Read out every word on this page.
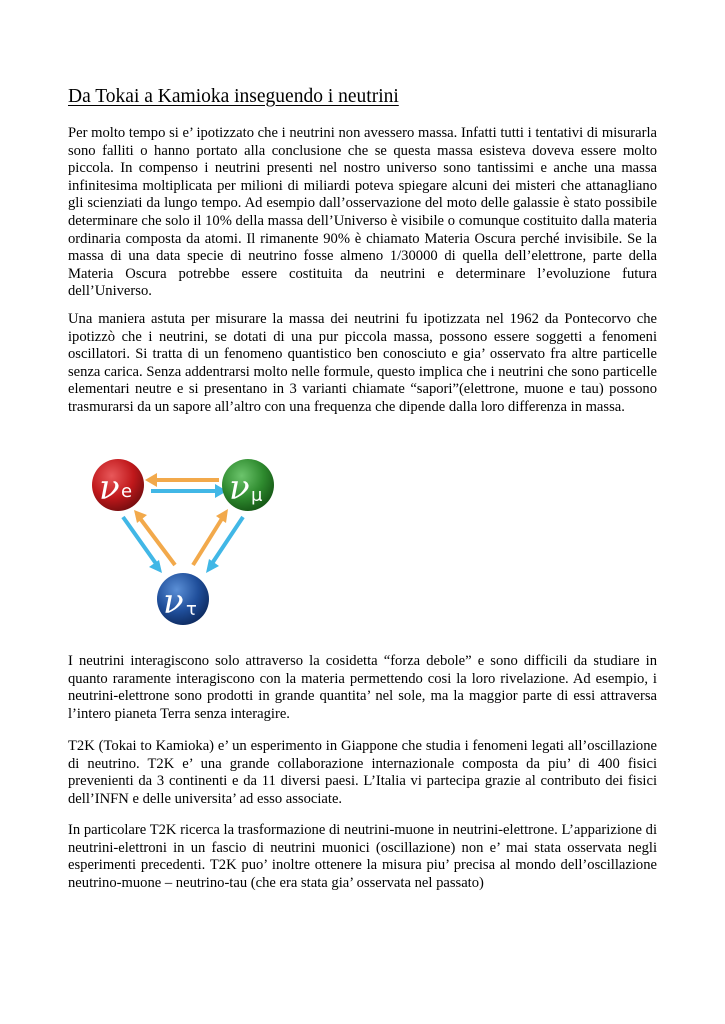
Da Tokai a Kamioka inseguendo i neutrini

Per molto tempo si e’ ipotizzato che i neutrini non avessero massa. Infatti tutti i tentativi di misurarla sono falliti o hanno portato alla conclusione che se questa massa esisteva doveva essere molto piccola. In compenso i neutrini presenti nel nostro universo sono tantissimi e anche una massa infinitesima moltiplicata per milioni di miliardi poteva spiegare alcuni dei misteri che attanagliano gli scienziati da lungo tempo. Ad esempio dall’osservazione del moto delle galassie è stato possibile determinare che solo il 10% della massa dell’Universo è visibile o comunque costituito dalla materia ordinaria composta da atomi. Il rimanente 90% è chiamato Materia Oscura perché invisibile. Se la massa di una data specie di neutrino fosse almeno 1/30000 di quella dell’elettrone, parte della Materia Oscura potrebbe essere costituita da neutrini e determinare l’evoluzione futura dell’Universo.

Una maniera astuta per misurare la massa dei neutrini fu ipotizzata nel 1962 da Pontecorvo che ipotizzò che i neutrini, se dotati di una pur piccola massa, possono essere soggetti a fenomeni oscillatori. Si tratta di un fenomeno quantistico ben conosciuto e gia’ osservato fra altre particelle senza carica. Senza addentrarsi molto nelle formule, questo implica che i neutrini che sono particelle elementari neutre e si presentano in 3 varianti chiamate “sapori”(elettrone, muone e tau) possono trasmurarsi da un sapore all’altro con una frequenza che dipende dalla loro differenza in massa.

ν e	ν μ
ν τ

I neutrini interagiscono solo attraverso la cosidetta “forza debole” e sono difficili da studiare in quanto raramente interagiscono con la materia permettendo cosi la loro rivelazione. Ad esempio, i neutrini-elettrone sono prodotti in grande quantita’ nel sole, ma la maggior parte di essi attraversa l’intero pianeta Terra senza interagire.

T2K (Tokai to Kamioka) e’ un esperimento in Giappone che studia i fenomeni legati all’oscillazione di neutrino. T2K e’ una grande collaborazione internazionale composta da piu’ di 400 fisici prevenienti da 3 continenti e da 11 diversi paesi. L’Italia vi partecipa grazie al contributo dei fisici dell’INFN e delle universita’ ad esso associate.

In particolare T2K ricerca la trasformazione di neutrini-muone in neutrini-elettrone. L’apparizione di neutrini-elettroni in un fascio di neutrini muonici (oscillazione) non e’ mai stata osservata negli esperimenti precedenti. T2K puo’ inoltre ottenere la misura piu’ precisa al mondo dell’oscillazione neutrino-muone – neutrino-tau (che era stata gia’ osservata nel passato)
